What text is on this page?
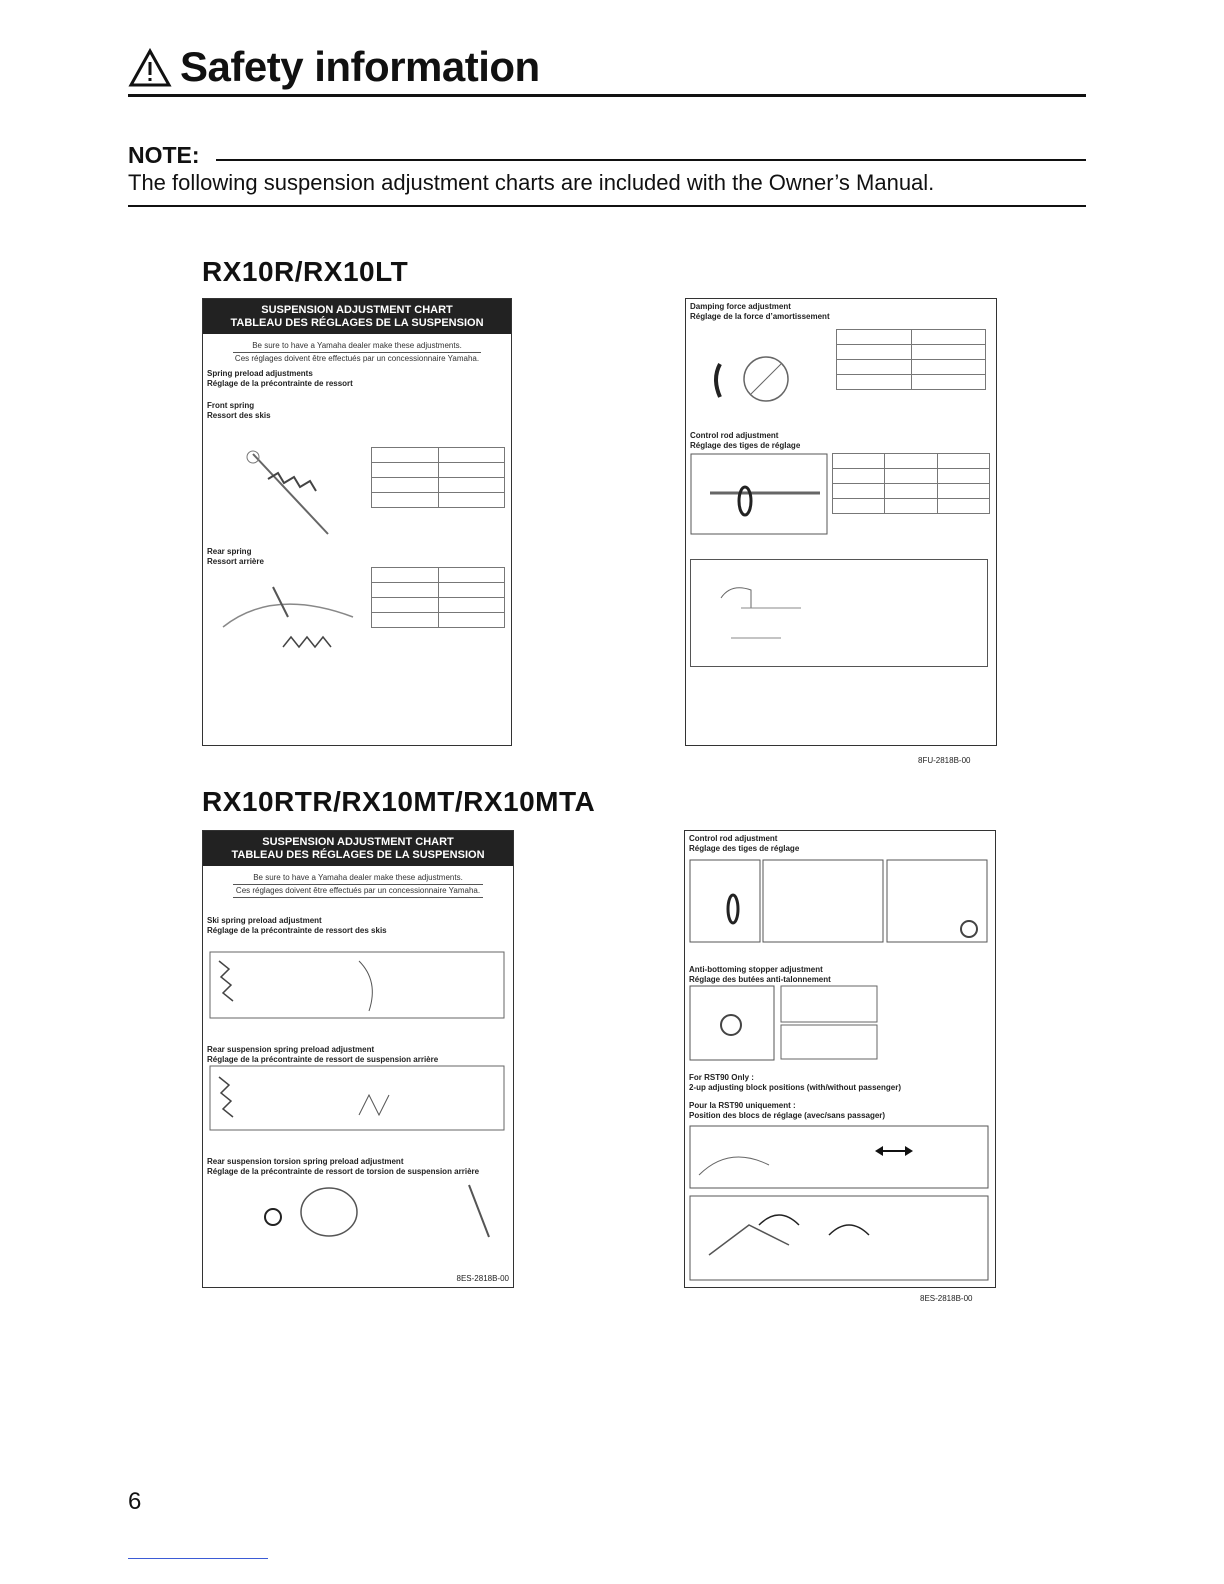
Safety information
NOTE:
The following suspension adjustment charts are included with the Owner’s Manual.
RX10R/RX10LT
SUSPENSION ADJUSTMENT CHART
TABLEAU DES RÉGLAGES DE LA SUSPENSION
Be sure to have a Yamaha dealer make these adjustments.
Ces réglages doivent être effectués par un concessionnaire Yamaha.
Spring preload adjustments
Réglage de la précontrainte de ressort
Front spring
Ressort des skis

Rear spring
Ressort arrière

Damping force adjustment
Réglage de la force d’amortissement

Control rod adjustment
Réglage des tiges de réglage

8FU-2818B-00
RX10RTR/RX10MT/RX10MTA
SUSPENSION ADJUSTMENT CHART
TABLEAU DES RÉGLAGES DE LA SUSPENSION
Be sure to have a Yamaha dealer make these adjustments.
Ces réglages doivent être effectués par un concessionnaire Yamaha.
Ski spring preload adjustment
Réglage de la précontrainte de ressort des skis
Rear suspension spring preload adjustment
Réglage de la précontrainte de ressort de suspension arrière
Rear suspension torsion spring preload adjustment
Réglage de la précontrainte de ressort de torsion de suspension arrière
8ES-2818B-00
Control rod adjustment
Réglage des tiges de réglage
Anti-bottoming stopper adjustment
Réglage des butées anti-talonnement
For RST90 Only :
2-up adjusting block positions (with/without passenger)
Pour la RST90 uniquement :
Position des blocs de réglage (avec/sans passager)
8ES-2818B-00
6
